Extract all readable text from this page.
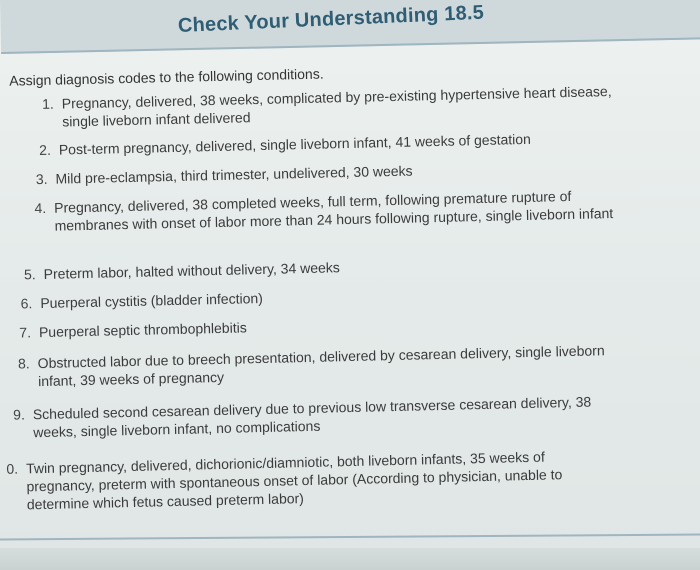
Check Your Understanding 18.5
Assign diagnosis codes to the following conditions.
1. Pregnancy, delivered, 38 weeks, complicated by pre-existing hypertensive heart disease, single liveborn infant delivered
2. Post-term pregnancy, delivered, single liveborn infant, 41 weeks of gestation
3. Mild pre-eclampsia, third trimester, undelivered, 30 weeks
4. Pregnancy, delivered, 38 completed weeks, full term, following premature rupture of membranes with onset of labor more than 24 hours following rupture, single liveborn infant
5. Preterm labor, halted without delivery, 34 weeks
6. Puerperal cystitis (bladder infection)
7. Puerperal septic thrombophlebitis
8. Obstructed labor due to breech presentation, delivered by cesarean delivery, single liveborn infant, 39 weeks of pregnancy
9. Scheduled second cesarean delivery due to previous low transverse cesarean delivery, 38 weeks, single liveborn infant, no complications
0. Twin pregnancy, delivered, dichorionic/diamniotic, both liveborn infants, 35 weeks of pregnancy, preterm with spontaneous onset of labor (According to physician, unable to determine which fetus caused preterm labor)
